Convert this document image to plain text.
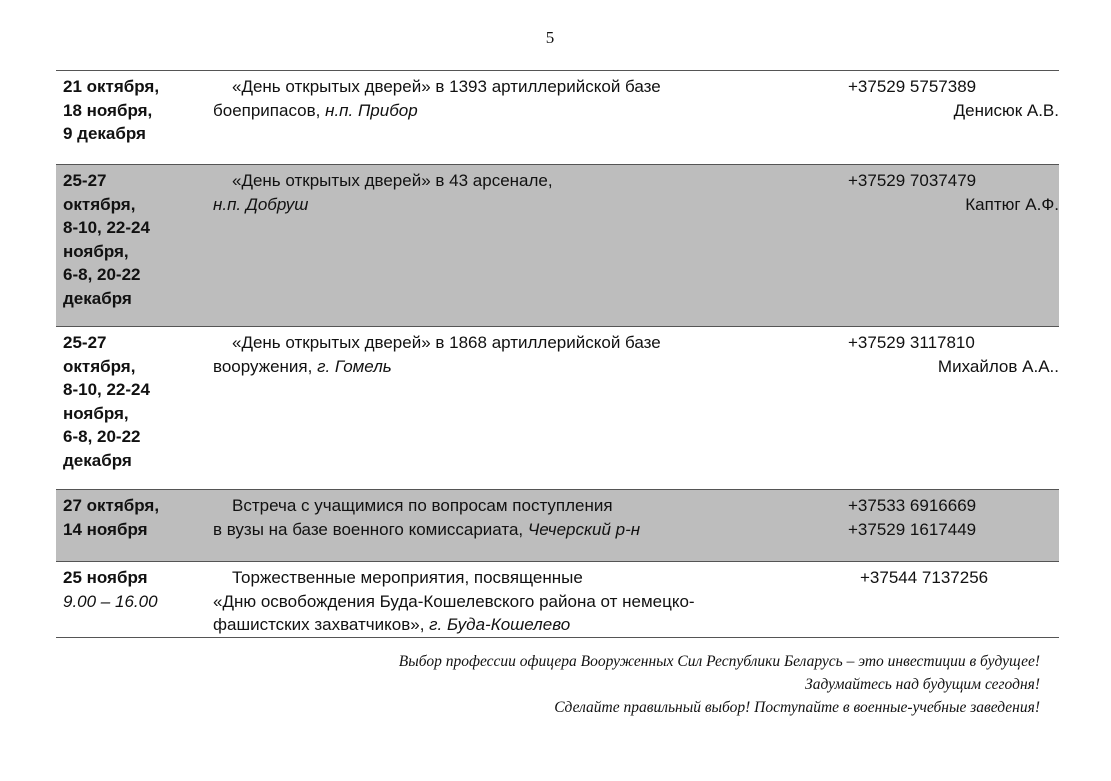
5
21 октября,
18 ноября,
9 декабря
«День открытых дверей» в 1393 артиллерийской базе
боеприпасов, н.п. Прибор
+37529 5757389
Денисюк А.В.
25-27
октября,
8-10, 22-24
ноября,
6-8, 20-22
декабря
«День открытых дверей» в 43 арсенале,
н.п. Добруш
+37529 7037479
Каптюг А.Ф.
25-27
октября,
8-10, 22-24
ноября,
6-8, 20-22
декабря
«День открытых дверей» в 1868 артиллерийской базе
вооружения, г. Гомель
+37529 3117810
Михайлов А.А..
27 октября,
14 ноября
Встреча с учащимися по вопросам поступления
в вузы на базе военного комиссариата, Чечерский р-н
+37533 6916669
+37529 1617449
25 ноября
9.00 – 16.00
Торжественные мероприятия, посвященные
«Дню освобождения Буда-Кошелевского района от немецко-
фашистских захватчиков», г. Буда-Кошелево
+37544 7137256
Выбор профессии офицера Вооруженных Сил Республики Беларусь – это инвестиции в будущее!
Задумайтесь над будущим сегодня!
Сделайте правильный выбор! Поступайте в военные-учебные заведения!
